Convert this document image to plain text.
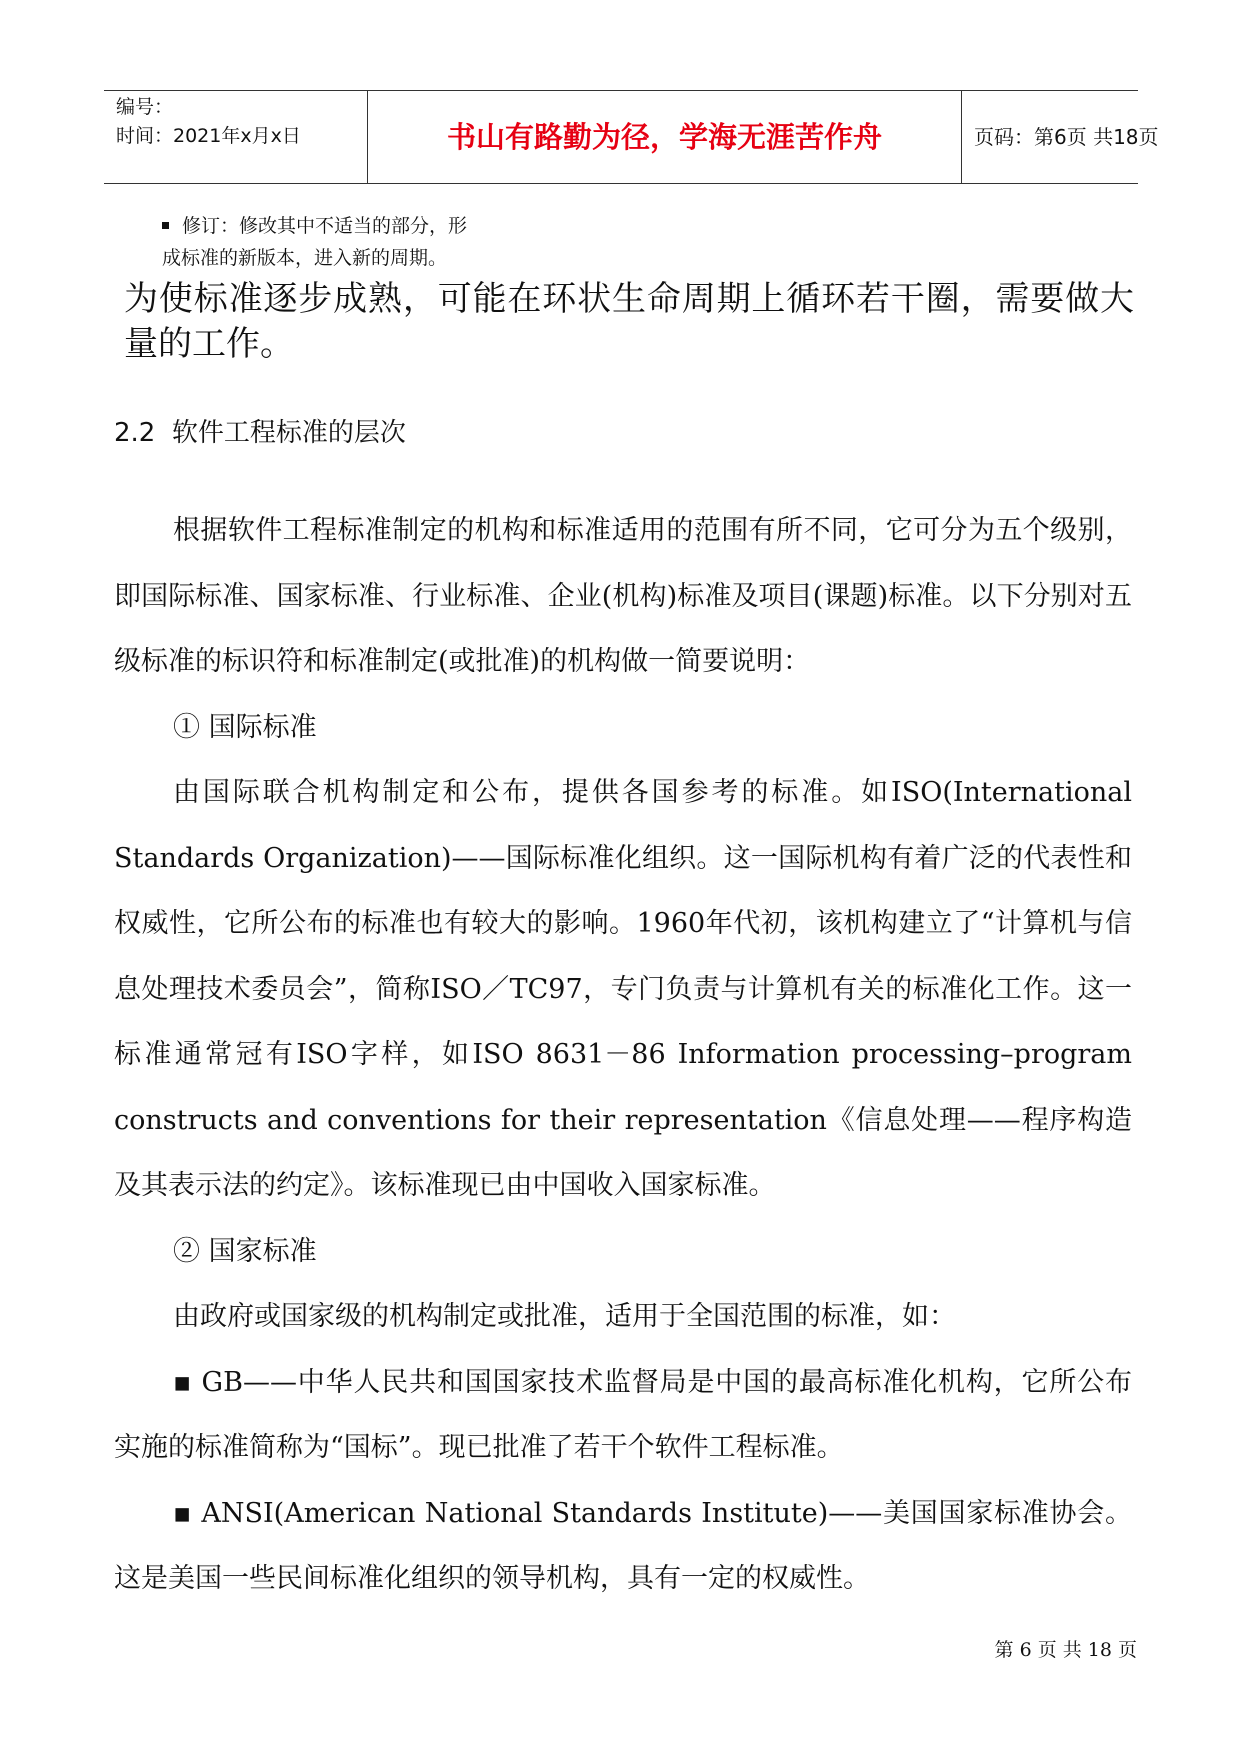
编号：
时间：2021年x月x日	书山有路勤为径，学海无涯苦作舟	页码：第6页 共18页
修订：修改其中不适当的部分，形
成标准的新版本，进入新的周期。

为使标准逐步成熟，可能在环状生命周期上循环若干圈，需要做大量的工作。

2.2 软件工程标准的层次

根据软件工程标准制定的机构和标准适用的范围有所不同，它可分为五个级别，即国际标准、国家标准、行业标准、企业(机构)标准及项目(课题)标准。以下分别对五级标准的标识符和标准制定(或批准)的机构做一简要说明：

① 国际标准

由国际联合机构制定和公布，提供各国参考的标准。如ISO(International Standards Organization)——国际标准化组织。这一国际机构有着广泛的代表性和权威性，它所公布的标准也有较大的影响。1960年代初，该机构建立了“计算机与信息处理技术委员会”，简称ISO／TC97，专门负责与计算机有关的标准化工作。这一标准通常冠有ISO字样，如ISO 8631－86 Information processing–program constructs and conventions for their representation《信息处理——程序构造及其表示法的约定》。该标准现已由中国收入国家标准。

② 国家标准

由政府或国家级的机构制定或批准，适用于全国范围的标准，如：

▪ GB——中华人民共和国国家技术监督局是中国的最高标准化机构，它所公布实施的标准简称为“国标”。现已批准了若干个软件工程标准。

▪ ANSI(American National Standards Institute)——美国国家标准协会。这是美国一些民间标准化组织的领导机构，具有一定的权威性。

第 6 页 共 18 页
